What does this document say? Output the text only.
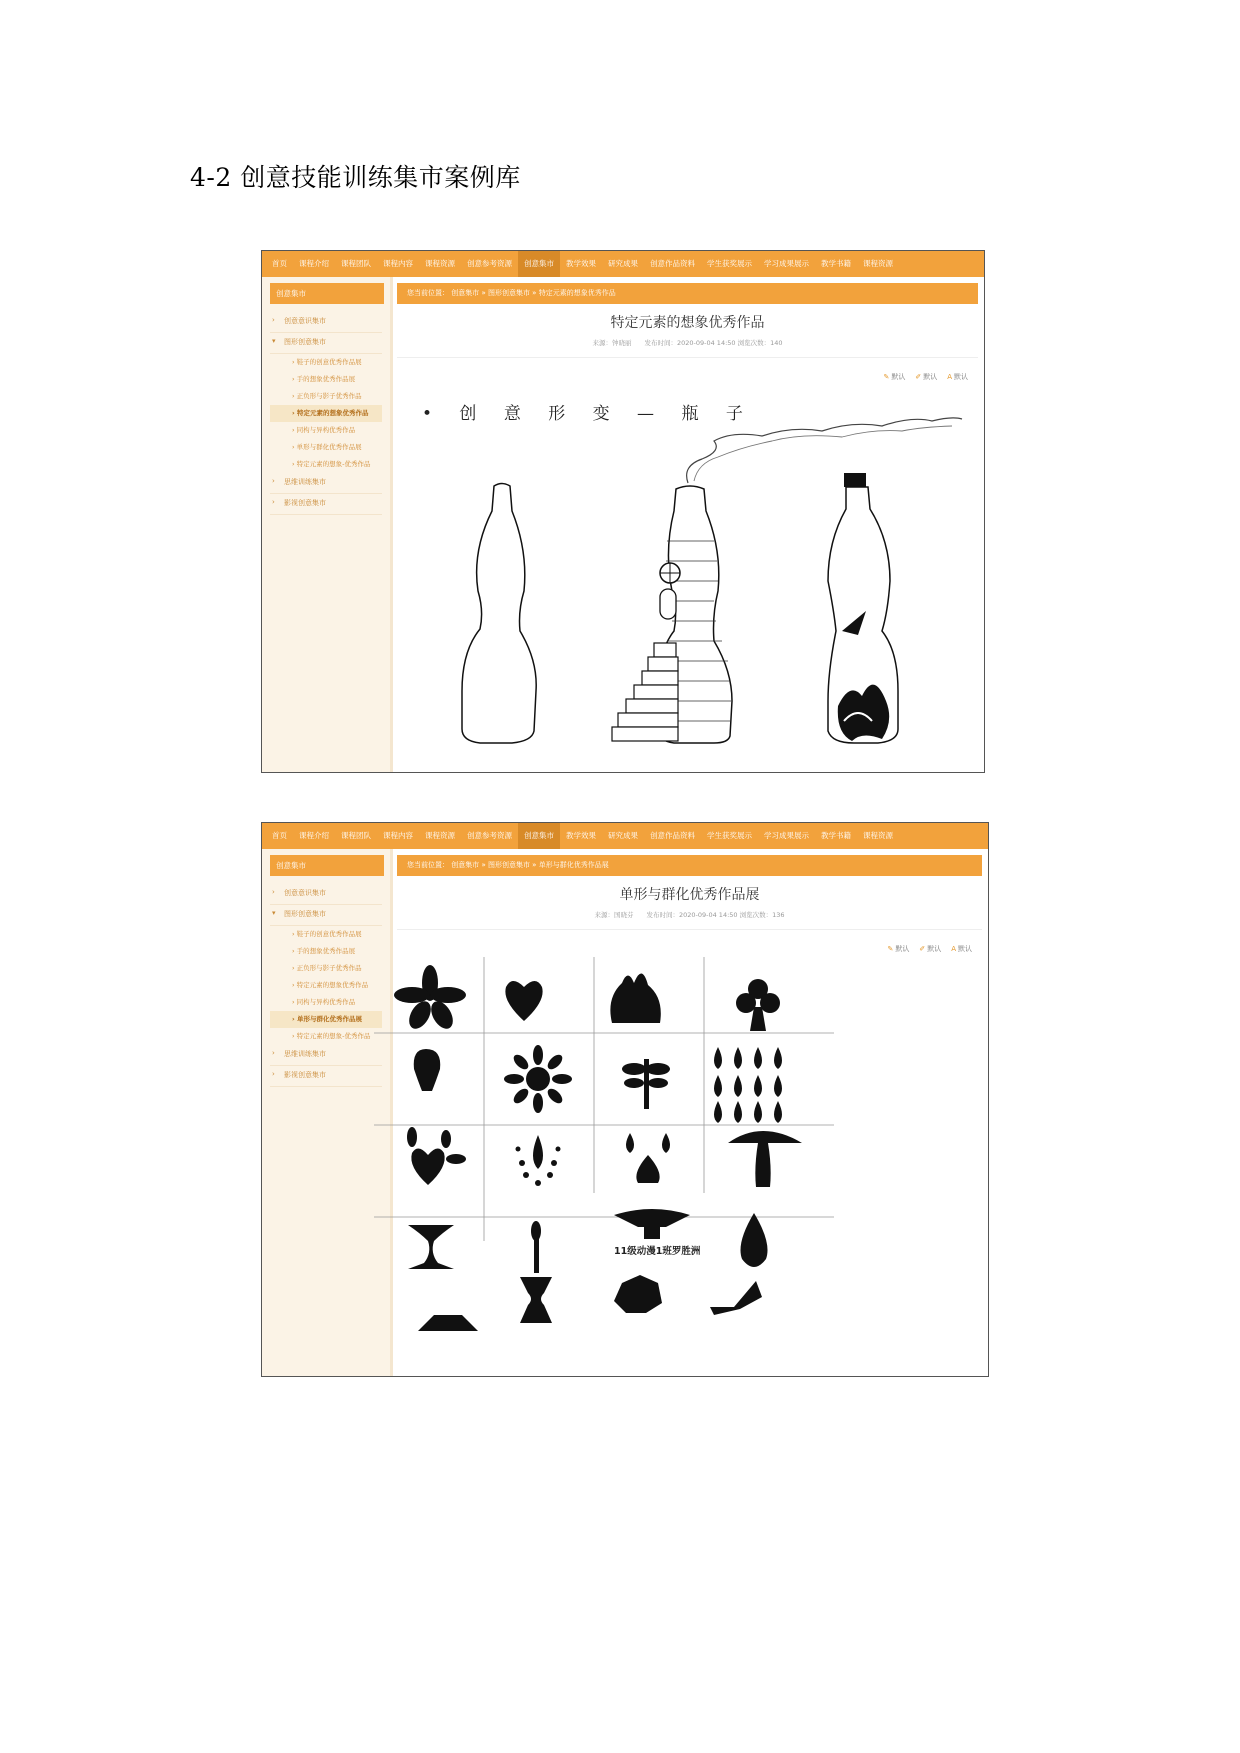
4-2 创意技能训练集市案例库
首页	课程介绍	课程团队	课程内容	课程资源	创意参考资源	创意集市	教学效果	研究成果	创意作品资料	学生获奖展示	学习成果展示	教学书籍	课程资源
创意集市
› 创意意识集市
▾ 图形创意集市
› 鞋子的创意优秀作品展
› 手的想象优秀作品展
› 正负形与影子优秀作品
› 特定元素的想象优秀作品
› 同构与异构优秀作品
› 单形与群化优秀作品展
› 特定元素的想象-优秀作品
› 思维训练集市
› 影视创意集市
您当前位置： 创意集市 » 图形创意集市 » 特定元素的想象优秀作品
特定元素的想象优秀作品
来源：钟晓丽　　发布时间：2020-09-04 14:50 浏览次数：140
✎ 默认 ✐ 默认 A 默认
• 创 意 形 变 — 瓶 子
首页	课程介绍	课程团队	课程内容	课程资源	创意参考资源	创意集市	教学效果	研究成果	创意作品资料	学生获奖展示	学习成果展示	教学书籍	课程资源
创意集市
› 创意意识集市
▾ 图形创意集市
› 鞋子的创意优秀作品展
› 手的想象优秀作品展
› 正负形与影子优秀作品
› 特定元素的想象优秀作品
› 同构与异构优秀作品
› 单形与群化优秀作品展
› 特定元素的想象-优秀作品
› 思维训练集市
› 影视创意集市
您当前位置： 创意集市 » 图形创意集市 » 单形与群化优秀作品展
单形与群化优秀作品展
来源：国晓芬　　发布时间：2020-09-04 14:50 浏览次数：136
✎ 默认 ✐ 默认 A 默认
11级动漫1班罗胜洲
